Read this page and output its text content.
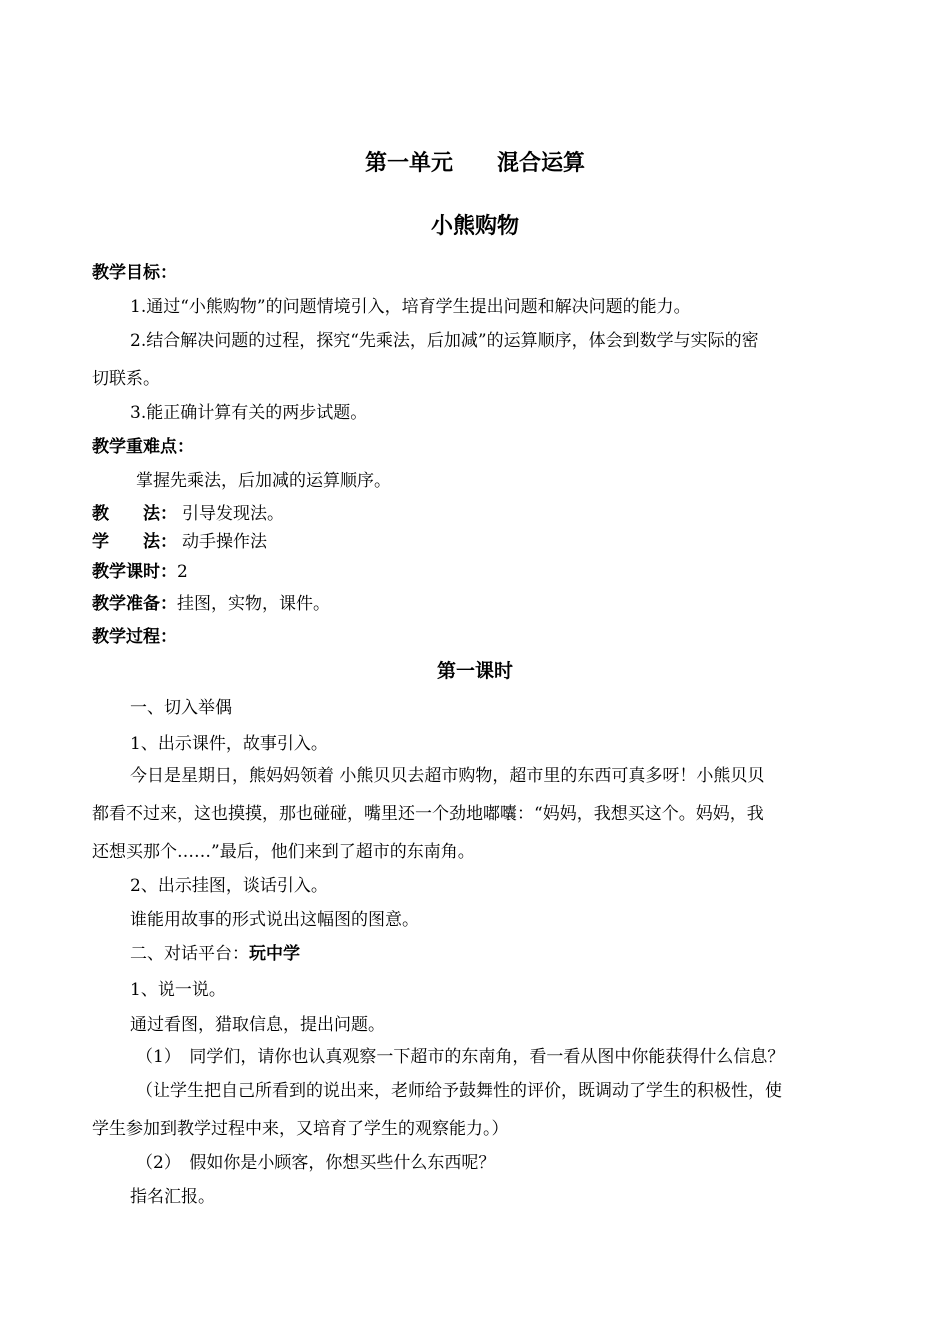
第一单元　　混合运算
小熊购物
教学目标：
1.通过“小熊购物”的问题情境引入，培育学生提出问题和解决问题的能力。
2.结合解决问题的过程，探究“先乘法，后加减”的运算顺序，体会到数学与实际的密
切联系。
3.能正确计算有关的两步试题。
教学重难点：
掌握先乘法，后加减的运算顺序。
教　　法： 引导发现法。
学　　法： 动手操作法
教学课时：2
教学准备：挂图，实物，课件。
教学过程：
第一课时
一、切入举偶
1、出示课件，故事引入。
今日是星期日，熊妈妈领着 小熊贝贝去超市购物，超市里的东西可真多呀！小熊贝贝
都看不过来，这也摸摸，那也碰碰，嘴里还一个劲地嘟囔：“妈妈，我想买这个。妈妈，我
还想买那个……”最后，他们来到了超市的东南角。
2、出示挂图，谈话引入。
谁能用故事的形式说出这幅图的图意。
二、对话平台：玩中学
1、说一说。
通过看图，猎取信息，提出问题。
（1）　同学们，请你也认真观察一下超市的东南角，看一看从图中你能获得什么信息？
（让学生把自己所看到的说出来，老师给予鼓舞性的评价，既调动了学生的积极性，使
学生参加到教学过程中来，又培育了学生的观察能力。）
（2）　假如你是小顾客，你想买些什么东西呢？
指名汇报。
